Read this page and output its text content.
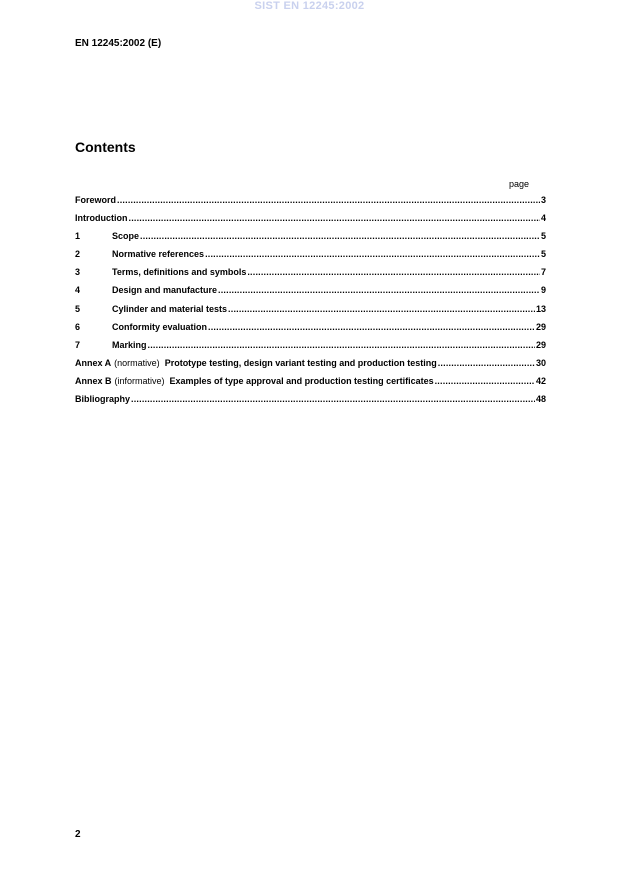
SIST EN 12245:2002
EN 12245:2002 (E)
Contents
page
Foreword .....	3
Introduction .....	4
1	Scope .....	5
2	Normative references .....	5
3	Terms, definitions and symbols .....	7
4	Design and manufacture .....	9
5	Cylinder and material tests .....	13
6	Conformity evaluation .....	29
7	Marking .....	29
Annex A (normative) Prototype testing, design variant testing and production testing .....	30
Annex B (informative) Examples of type approval and production testing certificates .....	42
Bibliography .....	48
2
